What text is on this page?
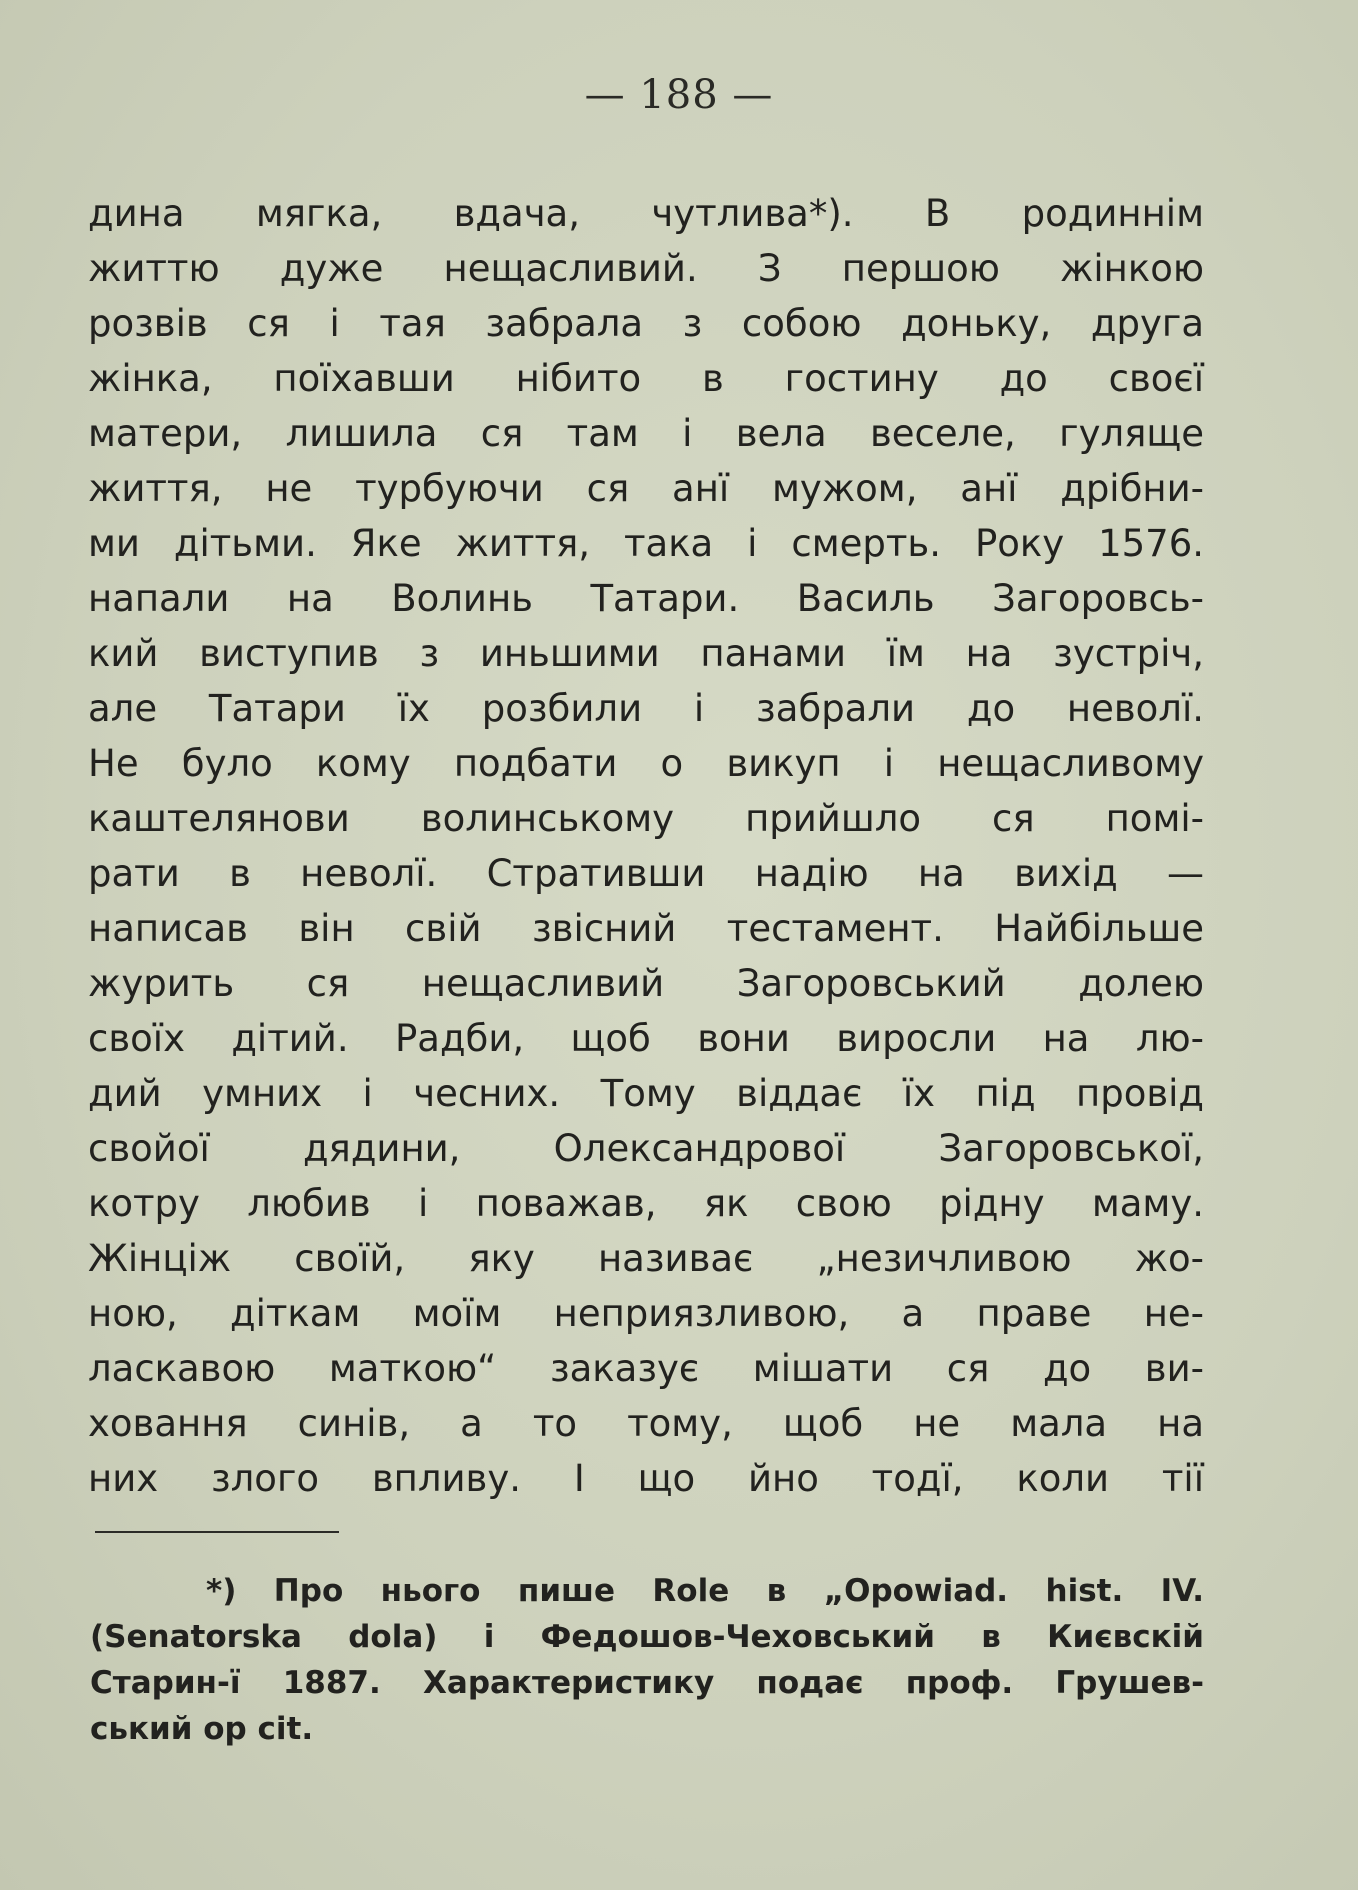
— 188 —
дина мягка, вдача, чутлива*). В родиннім
життю дуже нещасливий. З першою жінкою
розвів ся і тая забрала з собою доньку, друга
жінка, поїхавши нібито в гостину до своєї
матери, лишила ся там і вела веселе, гуляще
життя, не турбуючи ся анї мужом, анї дрібни-
ми дітьми. Яке життя, така і смерть. Року 1576.
напали на Волинь Татари. Василь Загоровсь-
кий виступив з иньшими панами їм на зустріч,
але Татари їх розбили і забрали до неволї.
Не було кому подбати о викуп і нещасливому
каштелянови волинському прийшло ся помі-
рати в неволї. Стративши надію на вихід —
написав він свій звісний тестамент. Найбільше
журить ся нещасливий Загоровський долею
своїх дітий. Радби, щоб вони виросли на лю-
дий умних і чесних. Тому віддає їх під провід
свойої дядини, Олександрової Загоровської,
котру любив і поважав, як свою рідну маму.
Жінціж своїй, яку називає „незичливою жо-
ною, діткам моїм неприязливою, а праве не-
ласкавою маткою“ заказує мішати ся до ви-
ховання синів, а то тому, щоб не мала на
них злого впливу. І що йно тодї, коли тії
*) Про нього пише Role в „Opowiad. hist. IV.
(Senatorska dola) і Федошов-Чеховський в Києвскій
Старин-ї 1887. Характеристику подає проф. Грушев-
ський op cit.
